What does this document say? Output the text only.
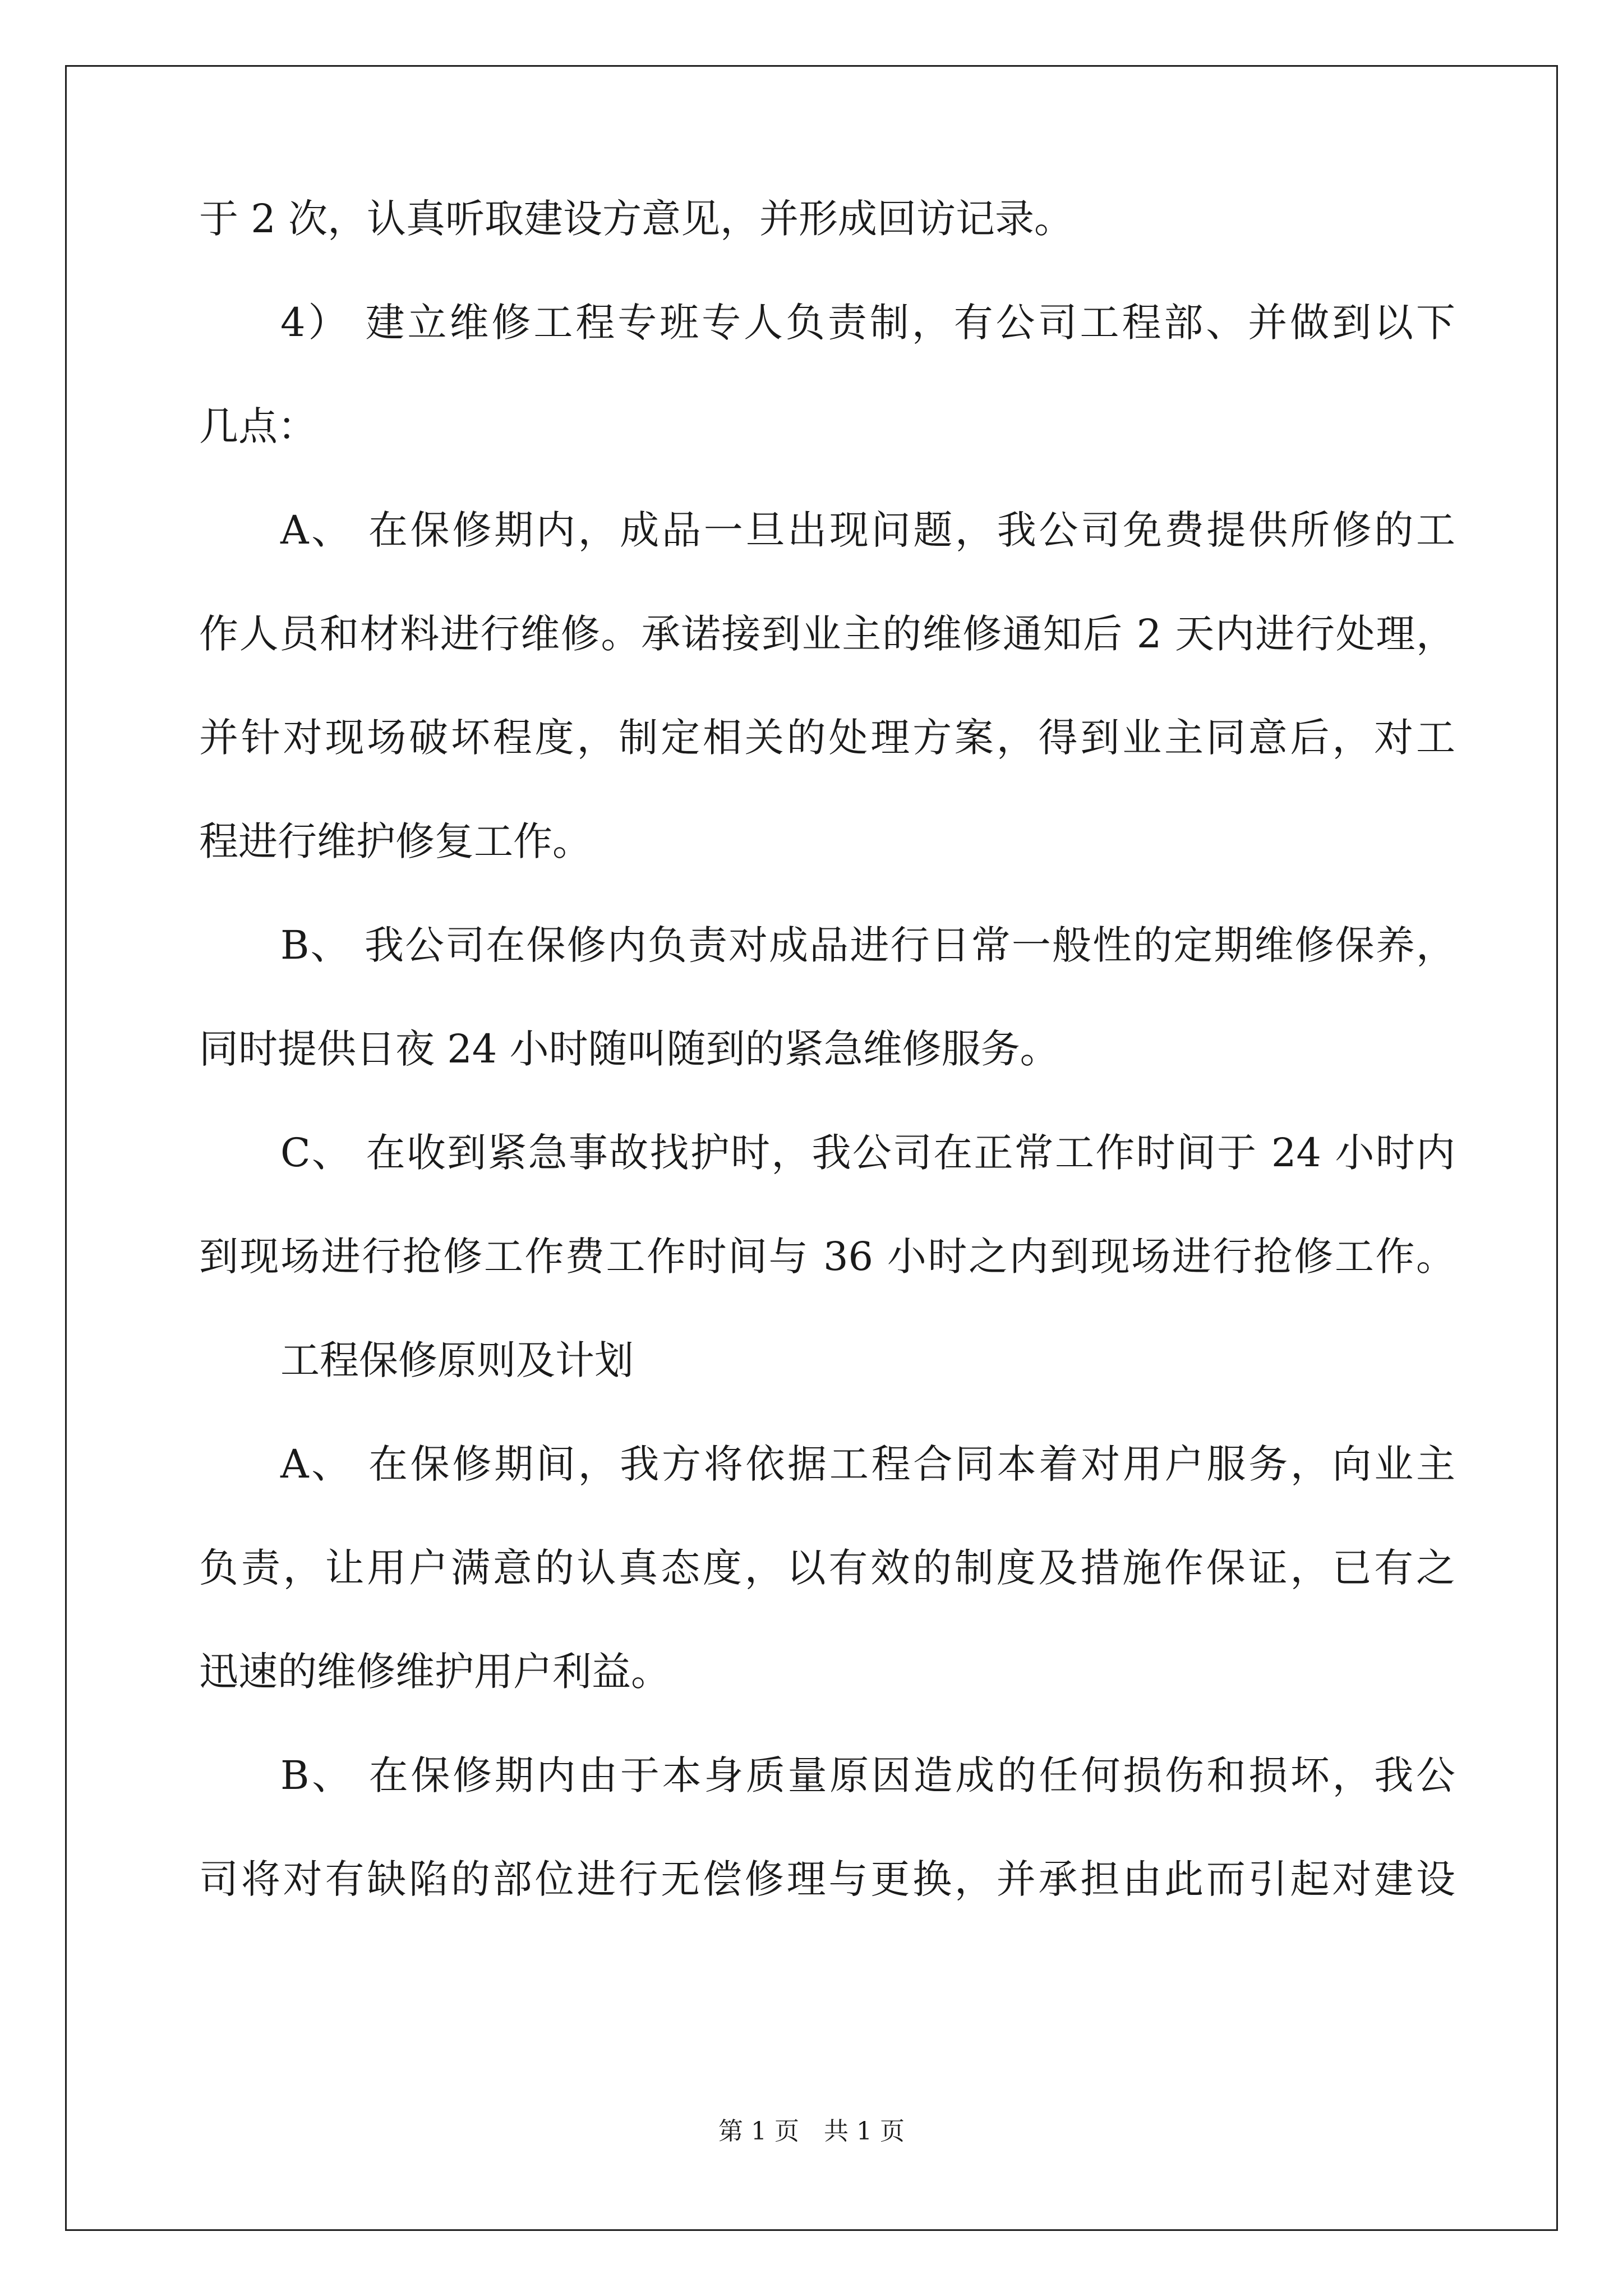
于 2 次，认真听取建设方意见，并形成回访记录。
4） 建立维修工程专班专人负责制，有公司工程部、并做到以下
几点：
A、 在保修期内，成品一旦出现问题，我公司免费提供所修的工
作人员和材料进行维修。承诺接到业主的维修通知后 2 天内进行处理，
并针对现场破坏程度，制定相关的处理方案，得到业主同意后，对工
程进行维护修复工作。
B、 我公司在保修内负责对成品进行日常一般性的定期维修保养，
同时提供日夜 24 小时随叫随到的紧急维修服务。
C、 在收到紧急事故找护时，我公司在正常工作时间于 24 小时内
到现场进行抢修工作费工作时间与 36 小时之内到现场进行抢修工作。
工程保修原则及计划
A、 在保修期间，我方将依据工程合同本着对用户服务，向业主
负责，让用户满意的认真态度，以有效的制度及措施作保证，已有之
迅速的维修维护用户利益。
B、 在保修期内由于本身质量原因造成的任何损伤和损坏，我公
司将对有缺陷的部位进行无偿修理与更换，并承担由此而引起对建设
第 1 页　共 1 页
